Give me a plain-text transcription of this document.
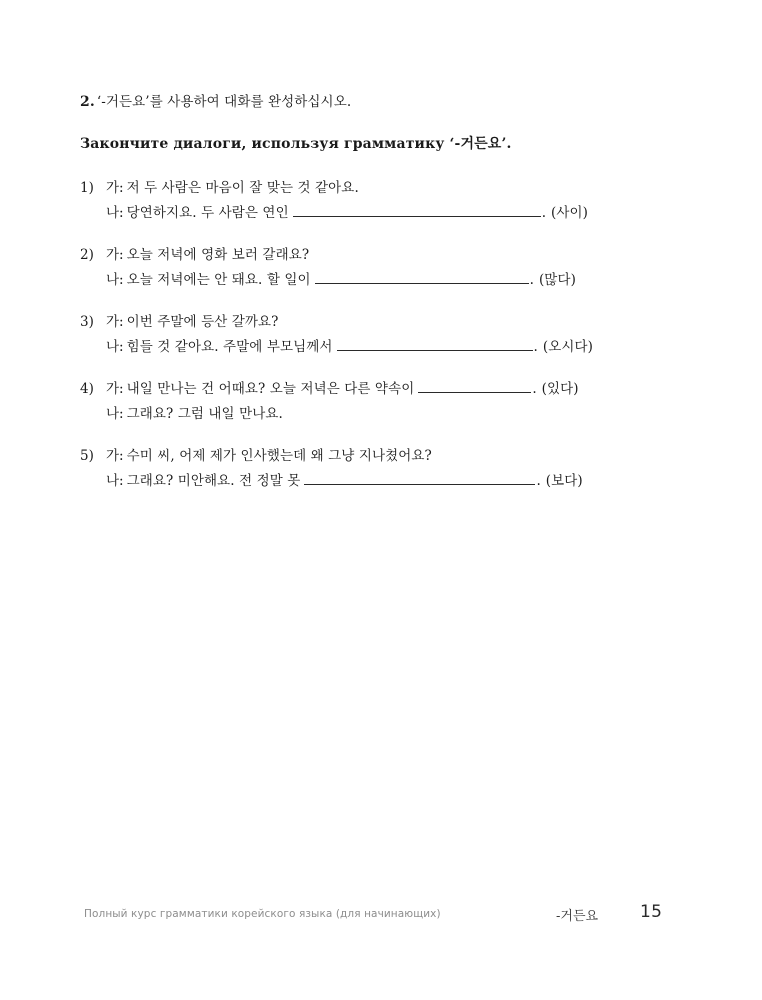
2. ‘-거든요’를 사용하여 대화를 완성하십시오.
Закончите диалоги, используя грамматику ‘-거든요’.
1) 가: 저 두 사람은 마음이 잘 맞는 것 같아요.
나: 당연하지요. 두 사람은 연인	. (사이)
2) 가: 오늘 저녁에 영화 보러 갈래요?
나: 오늘 저녁에는 안 돼요. 할 일이	. (많다)
3) 가: 이번 주말에 등산 갈까요?
나: 힘들 것 같아요. 주말에 부모님께서	. (오시다)
4) 가: 내일 만나는 건 어때요? 오늘 저녁은 다른 약속이	. (있다)
나: 그래요? 그럼 내일 만나요.
5) 가: 수미 씨, 어제 제가 인사했는데 왜 그냥 지나쳤어요?
나: 그래요? 미안해요. 전 정말 못	. (보다)
Полный курс грамматики корейского языка (для начинающих)	-거든요 15
